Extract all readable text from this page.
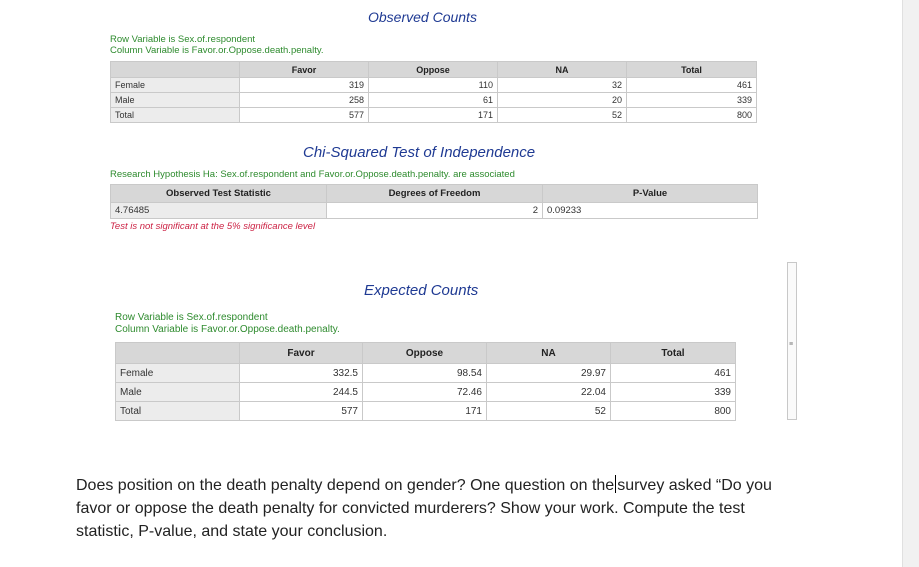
Observed Counts
Row Variable is Sex.of.respondent
Column Variable is Favor.or.Oppose.death.penalty.
	Favor	Oppose	NA	Total
Female	319	110	32	461
Male	258	61	20	339
Total	577	171	52	800
Chi-Squared Test of Independence
Research Hypothesis Ha: Sex.of.respondent and Favor.or.Oppose.death.penalty. are associated
Observed Test Statistic	Degrees of Freedom	P-Value
4.76485	2	0.09233
Test is not significant at the 5% significance level
Expected Counts
Row Variable is Sex.of.respondent
Column Variable is Favor.or.Oppose.death.penalty.
	Favor	Oppose	NA	Total
Female	332.5	98.54	29.97	461
Male	244.5	72.46	22.04	339
Total	577	171	52	800
≡
Does position on the death penalty depend on gender? One question on the survey asked “Do you favor or oppose the death penalty for convicted murderers? Show your work. Compute the test statistic, P-value, and state your conclusion.
